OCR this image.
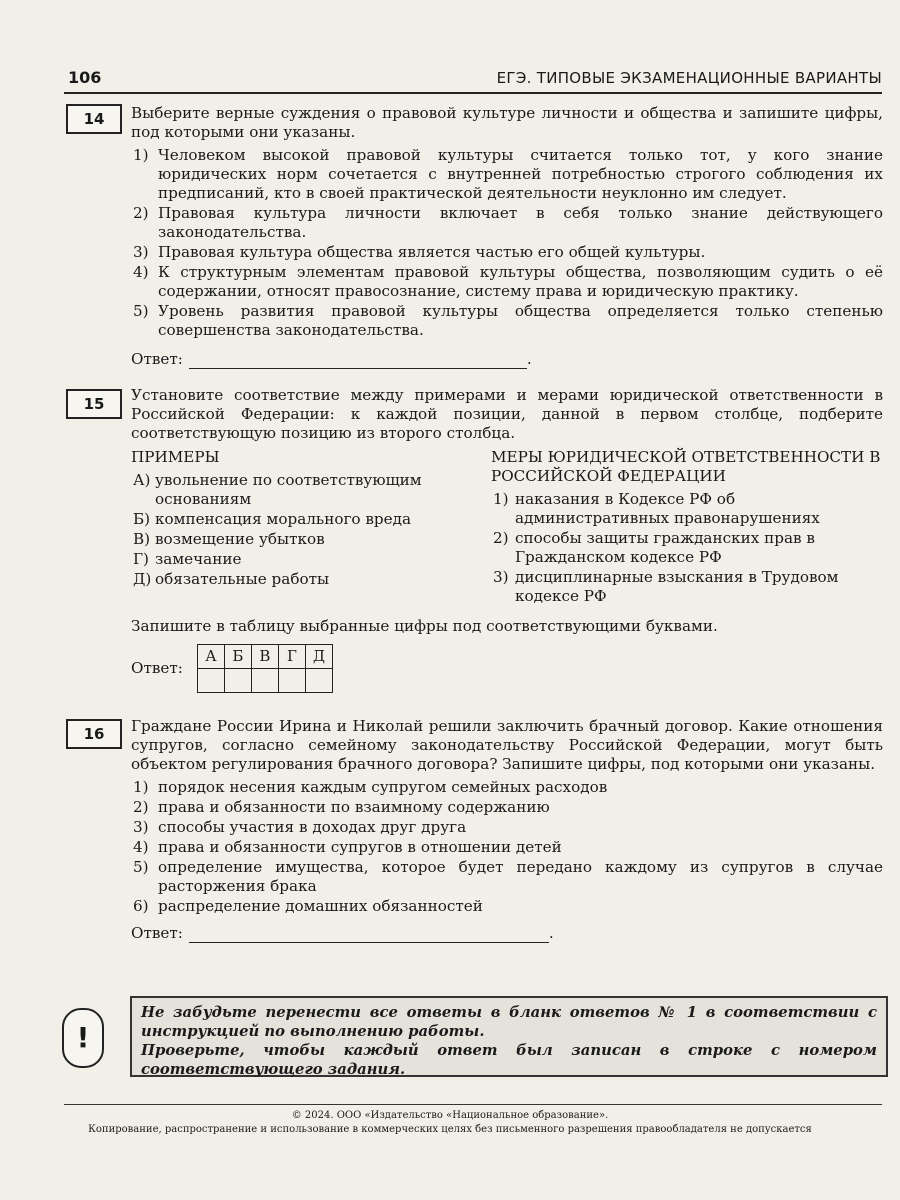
106	ЕГЭ. ТИПОВЫЕ ЭКЗАМЕНАЦИОННЫЕ ВАРИАНТЫ
14	Выберите верные суждения о правовой культуре личности и общества и запишите цифры, под которыми они указаны.

1) Человеком высокой правовой культуры считается только тот, у кого знание юридических норм сочетается с внутренней потребностью строгого соблюдения их предписаний, кто в своей практической деятельности неуклонно им следует.
2) Правовая культура личности включает в себя только знание действующего законодательства.
3) Правовая культура общества является частью его общей культуры.
4) К структурным элементам правовой культуры общества, позволяющим судить о её содержании, относят правосознание, систему права и юридическую практику.
5) Уровень развития правовой культуры общества определяется только степенью совершенства законодательства.
Ответ:	.
15	Установите соответствие между примерами и мерами юридической ответственности в Российской Федерации: к каждой позиции, данной в первом столбце, подберите соответствующую позицию из второго столбца.

ПРИМЕРЫ
А) увольнение по соответствующим основаниям
Б) компенсация морального вреда
В) возмещение убытков
Г) замечание
Д) обязательные работы
МЕРЫ ЮРИДИЧЕСКОЙ ОТВЕТСТВЕННОСТИ В РОССИЙСКОЙ ФЕДЕРАЦИИ
1) наказания в Кодексе РФ об административных правонарушениях
2) способы защиты гражданских прав в Гражданском кодексе РФ
3) дисциплинарные взыскания в Трудовом кодексе РФ
Запишите в таблицу выбранные цифры под соответствующими буквами.
Ответ:
А	Б	В	Г	Д

16	Граждане России Ирина и Николай решили заключить брачный договор. Какие отношения супругов, согласно семейному законодательству Российской Федерации, могут быть объектом регулирования брачного договора? Запишите цифры, под которыми они указаны.

1) порядок несения каждым супругом семейных расходов
2) права и обязанности по взаимному содержанию
3) способы участия в доходах друг друга
4) права и обязанности супругов в отношении детей
5) определение имущества, которое будет передано каждому из супругов в случае расторжения брака
6) распределение домашних обязанностей
Ответ:	.
!
Не забудьте перенести все ответы в бланк ответов № 1 в соответствии с инструкцией по выполнению работы.
Проверьте, чтобы каждый ответ был записан в строке с номером соответствующего задания.
© 2024. ООО «Издательство «Национальное образование».
Копирование, распространение и использование в коммерческих целях без письменного разрешения правообладателя не допускается
